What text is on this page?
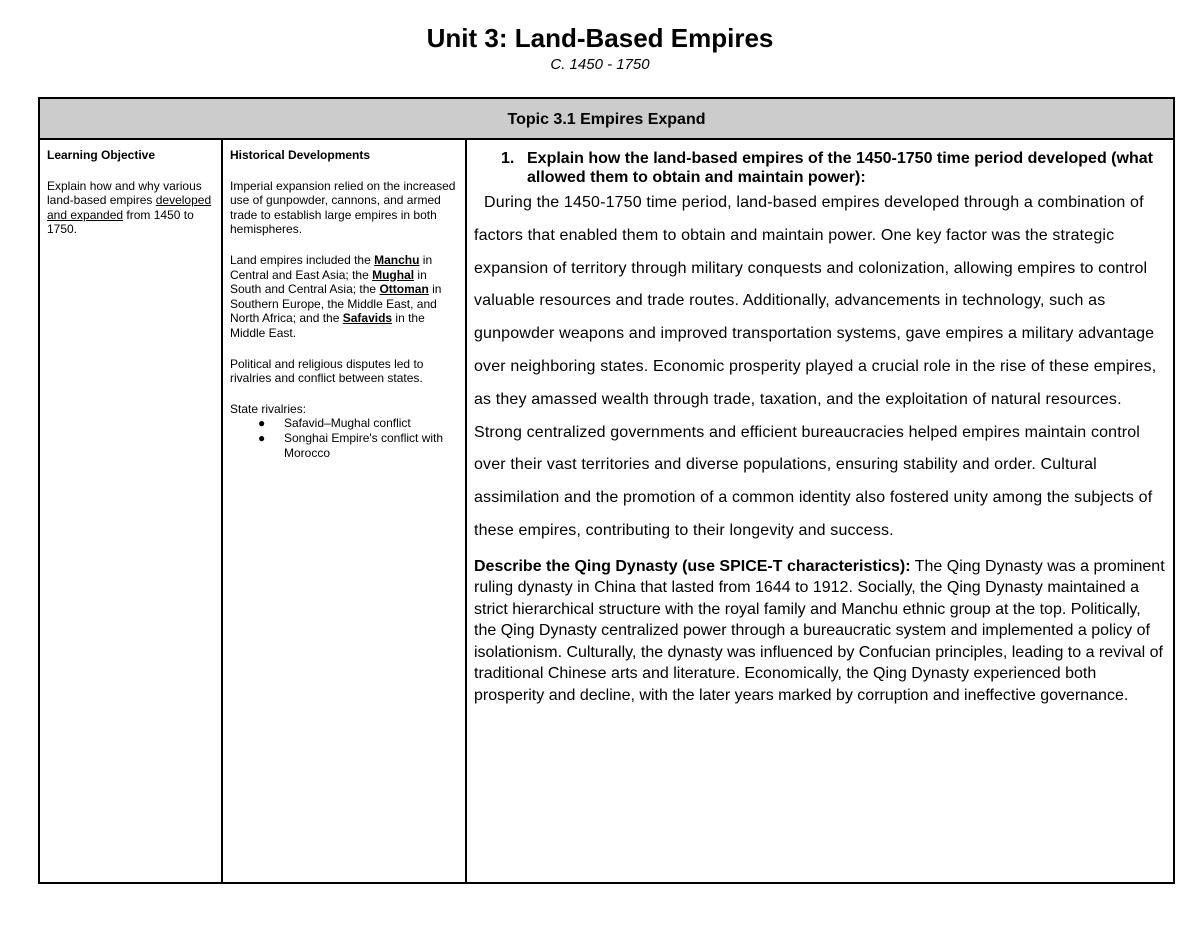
Unit 3: Land-Based Empires
C. 1450 - 1750
Topic 3.1 Empires Expand
Learning Objective

Explain how and why various land-based empires developed and expanded from 1450 to 1750.

Historical Developments

Imperial expansion relied on the increased use of gunpowder, cannons, and armed trade to establish large empires in both hemispheres.

Land empires included the Manchu in Central and East Asia; the Mughal in South and Central Asia; the Ottoman in Southern Europe, the Middle East, and North Africa; and the Safavids in the Middle East.

Political and religious disputes led to rivalries and conflict between states.

State rivalries:
● Safavid–Mughal conflict
● Songhai Empire's conflict with Morocco
1. Explain how the land-based empires of the 1450-1750 time period developed (what allowed them to obtain and maintain power):

During the 1450-1750 time period, land-based empires developed through a combination of factors that enabled them to obtain and maintain power. One key factor was the strategic expansion of territory through military conquests and colonization, allowing empires to control valuable resources and trade routes. Additionally, advancements in technology, such as gunpowder weapons and improved transportation systems, gave empires a military advantage over neighboring states. Economic prosperity played a crucial role in the rise of these empires, as they amassed wealth through trade, taxation, and the exploitation of natural resources. Strong centralized governments and efficient bureaucracies helped empires maintain control over their vast territories and diverse populations, ensuring stability and order. Cultural assimilation and the promotion of a common identity also fostered unity among the subjects of these empires, contributing to their longevity and success.

Describe the Qing Dynasty (use SPICE-T characteristics): The Qing Dynasty was a prominent ruling dynasty in China that lasted from 1644 to 1912. Socially, the Qing Dynasty maintained a strict hierarchical structure with the royal family and Manchu ethnic group at the top. Politically, the Qing Dynasty centralized power through a bureaucratic system and implemented a policy of isolationism. Culturally, the dynasty was influenced by Confucian principles, leading to a revival of traditional Chinese arts and literature. Economically, the Qing Dynasty experienced both prosperity and decline, with the later years marked by corruption and ineffective governance.
